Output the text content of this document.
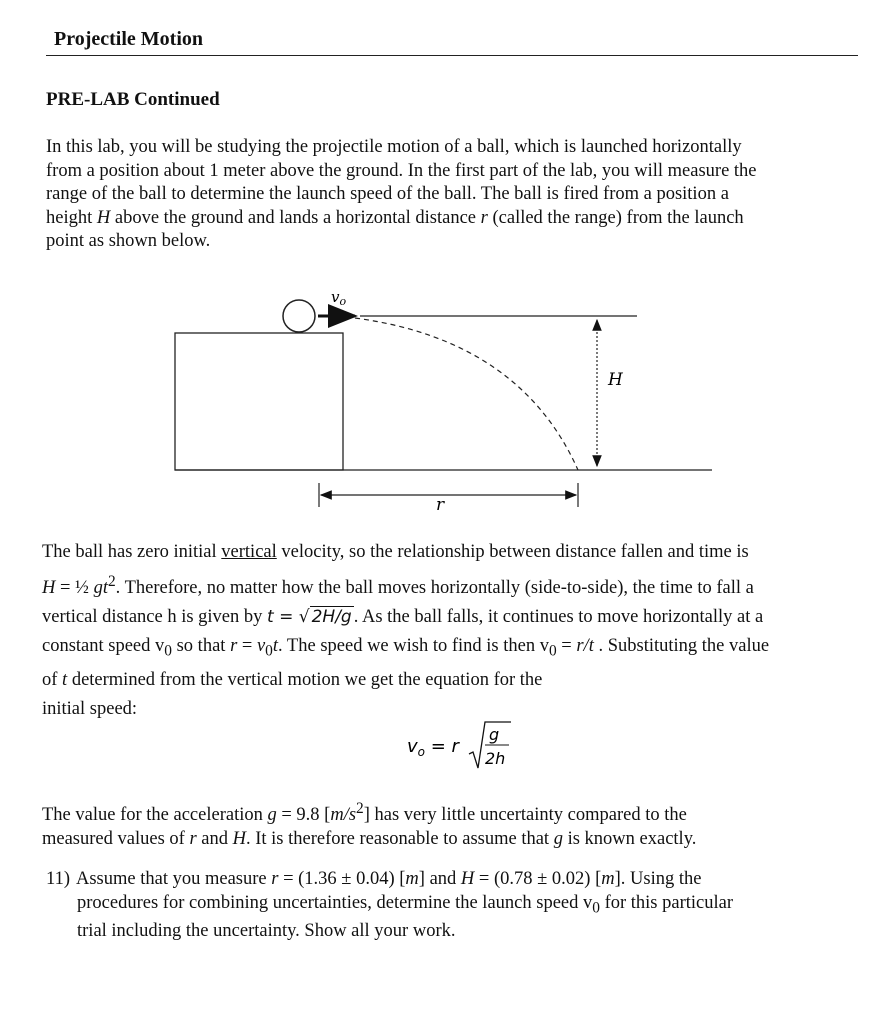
Projectile Motion
PRE-LAB Continued
In this lab, you will be studying the projectile motion of a ball, which is launched horizontally
from a position about 1 meter above the ground. In the first part of the lab, you will measure the
range of the ball to determine the launch speed of the ball. The ball is fired from a position a
height H above the ground and lands a horizontal distance r (called the range) from the launch
point as shown below.
$v_o$
H
r
The ball has zero initial vertical velocity, so the relationship between distance fallen and time is
H = ½ $gt^2$. Therefore, no matter how the ball moves horizontally (side-to-side), the time to fall a
vertical distance h is given by t = √ 2H/g . As the ball falls, it continues to move horizontally at a
constant speed $v_0$ so that $r = v_0t$. The speed we wish to find is then $v_0 = r/t$ . Substituting the value
of t determined from the vertical motion we get the equation for the
initial speed:
$v_o = r$
g
2h
The value for the acceleration g = 9.8 $[m/s^2]$ has very little uncertainty compared to the
measured values of r and H. It is therefore reasonable to assume that g is known exactly.
11) Assume that you measure r = (1.36 ± 0.04) [m] and H = (0.78 ± 0.02) [m]. Using the
procedures for combining uncertainties, determine the launch speed $v_0$ for this particular
trial including the uncertainty. Show all your work.
